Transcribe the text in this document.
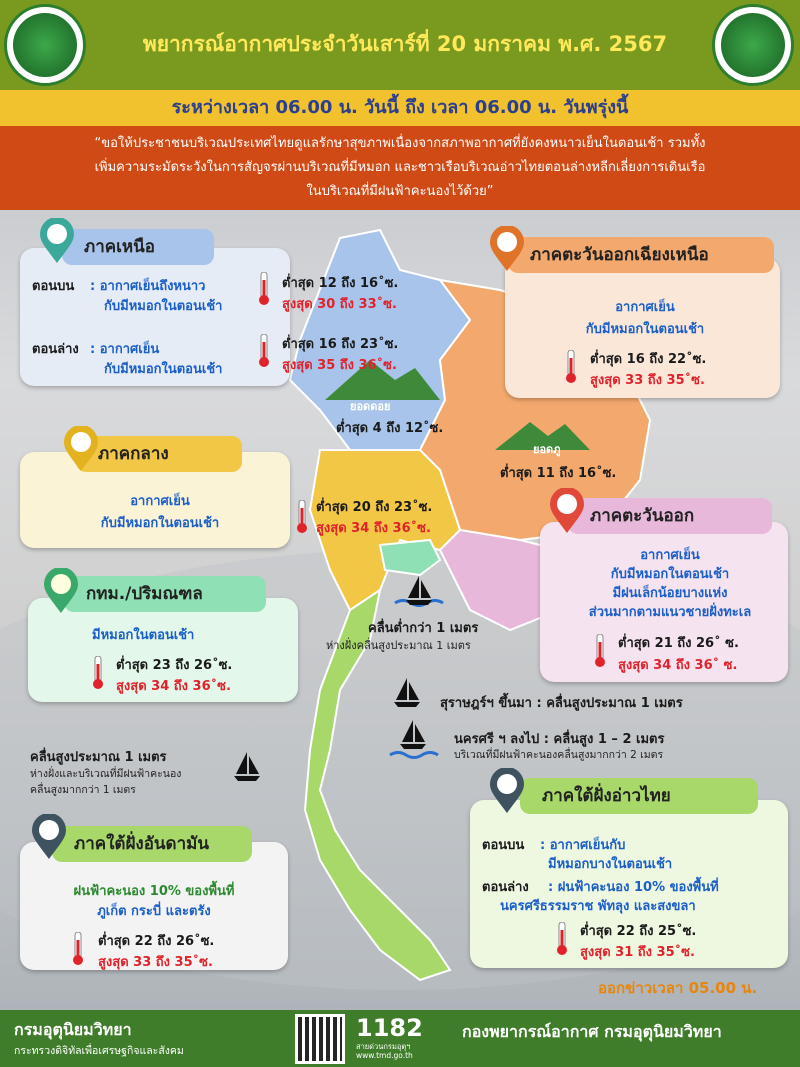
พยากรณ์อากาศประจำวันเสาร์ที่ 20 มกราคม พ.ศ. 2567
ระหว่างเวลา 06.00 น. วันนี้ ถึง เวลา 06.00 น. วันพรุ่งนี้
“ขอให้ประชาชนบริเวณประเทศไทยดูแลรักษาสุขภาพเนื่องจากสภาพอากาศที่ยังคงหนาวเย็นในตอนเช้า รวมทั้ง
เพิ่มความระมัดระวังในการสัญจรผ่านบริเวณที่มีหมอก และชาวเรือบริเวณอ่าวไทยตอนล่างหลีกเลี่ยงการเดินเรือ
ในบริเวณที่มีฝนฟ้าคะนองไว้ด้วย”
ภาคเหนือ
ตอนบน : อากาศเย็นถึงหนาว
กับมีหมอกในตอนเช้า
ต่ำสุด 12 ถึง 16˚ซ.
สูงสุด 30 ถึง 33˚ซ.
ตอนล่าง : อากาศเย็น
กับมีหมอกในตอนเช้า
ต่ำสุด 16 ถึง 23˚ซ.
สูงสุด 35 ถึง 36˚ซ.
ยอดดอย
ต่ำสุด 4 ถึง 12˚ซ.
ภาคตะวันออกเฉียงเหนือ
อากาศเย็น
กับมีหมอกในตอนเช้า
ต่ำสุด 16 ถึง 22˚ซ.
สูงสุด 33 ถึง 35˚ซ.
ยอดภู
ต่ำสุด 11 ถึง 16˚ซ.
ภาคกลาง
อากาศเย็น
กับมีหมอกในตอนเช้า
ต่ำสุด 20 ถึง 23˚ซ.
สูงสุด 34 ถึง 36˚ซ.
ภาคตะวันออก
อากาศเย็น
กับมีหมอกในตอนเช้า
มีฝนเล็กน้อยบางแห่ง
ส่วนมากตามแนวชายฝั่งทะเล
ต่ำสุด 21 ถึง 26˚ ซ.
สูงสุด 34 ถึง 36˚ ซ.
กทม./ปริมณฑล
มีหมอกในตอนเช้า
ต่ำสุด 23 ถึง 26˚ซ.
สูงสุด 34 ถึง 36˚ซ.
คลื่นต่ำกว่า 1 เมตร
ห่างฝั่งคลื่นสูงประมาณ 1 เมตร
สุราษฎร์ฯ ขึ้นมา : คลื่นสูงประมาณ 1 เมตร
นครศรี ฯ ลงไป : คลื่นสูง 1 – 2 เมตร
บริเวณที่มีฝนฟ้าคะนองคลื่นสูงมากกว่า 2 เมตร
คลื่นสูงประมาณ 1 เมตร
ห่างฝั่งและบริเวณที่มีฝนฟ้าคะนอง
คลื่นสูงมากกว่า 1 เมตร
ภาคใต้ฝั่งอันดามัน
ฝนฟ้าคะนอง 10% ของพื้นที่
ภูเก็ต กระบี่ และตรัง
ต่ำสุด 22 ถึง 26˚ซ.
สูงสุด 33 ถึง 35˚ซ.
ภาคใต้ฝั่งอ่าวไทย
ตอนบน : อากาศเย็นกับ
มีหมอกบางในตอนเช้า
ตอนล่าง : ฝนฟ้าคะนอง 10% ของพื้นที่
นครศรีธรรมราช พัทลุง และสงขลา
ต่ำสุด 22 ถึง 25˚ซ.
สูงสุด 31 ถึง 35˚ซ.
ออกข่าวเวลา 05.00 น.
กรมอุตุนิยมวิทยา
กระทรวงดิจิทัลเพื่อเศรษฐกิจและสังคม
1182
สายด่วนกรมอุตุฯ
www.tmd.go.th
กองพยากรณ์อากาศ กรมอุตุนิยมวิทยา
